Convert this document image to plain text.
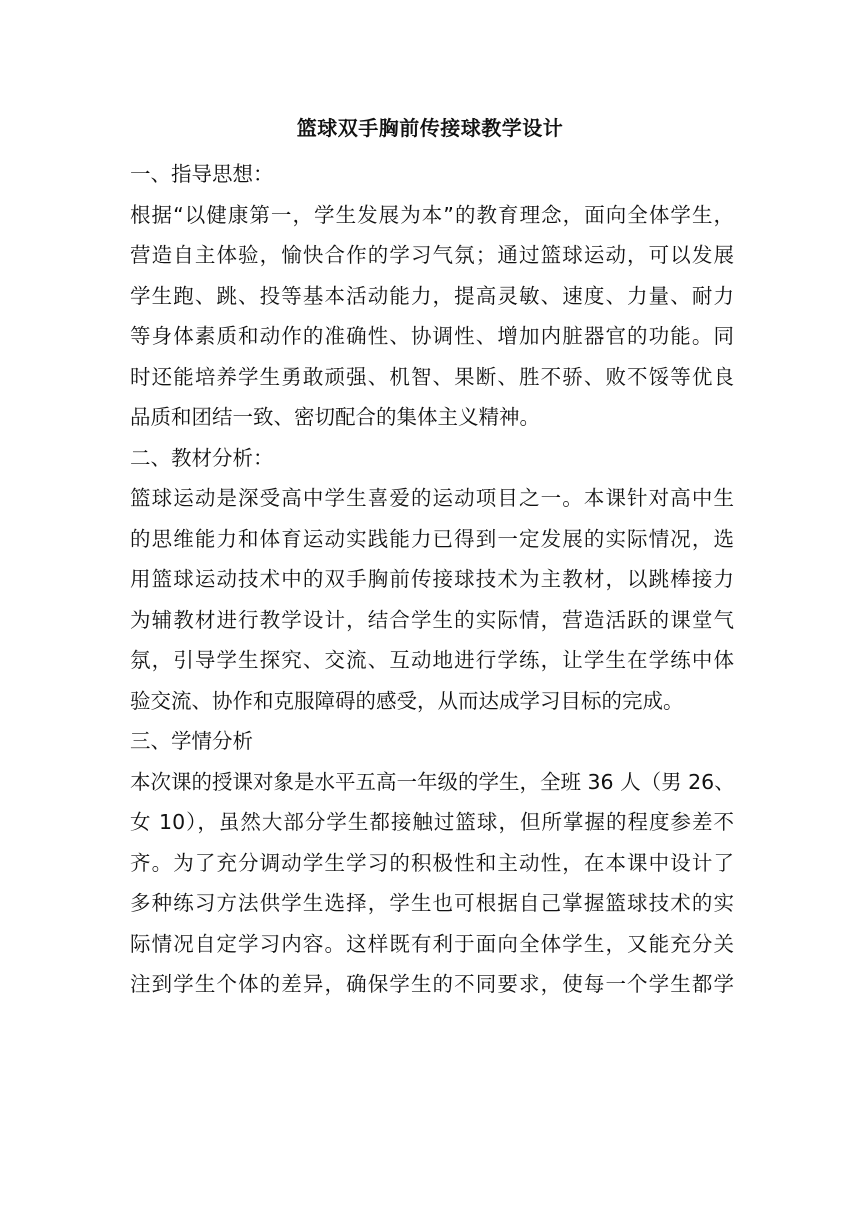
篮球双手胸前传接球教学设计
一、指导思想：
根据“以健康第一，学生发展为本”的教育理念，面向全体学生，
营造自主体验，愉快合作的学习气氛；通过篮球运动，可以发展
学生跑、跳、投等基本活动能力，提高灵敏、速度、力量、耐力
等身体素质和动作的准确性、协调性、增加内脏器官的功能。同
时还能培养学生勇敢顽强、机智、果断、胜不骄、败不馁等优良
品质和团结一致、密切配合的集体主义精神。
二、教材分析：
篮球运动是深受高中学生喜爱的运动项目之一。本课针对高中生
的思维能力和体育运动实践能力已得到一定发展的实际情况，选
用篮球运动技术中的双手胸前传接球技术为主教材，以跳棒接力
为辅教材进行教学设计，结合学生的实际情，营造活跃的课堂气
氛，引导学生探究、交流、互动地进行学练，让学生在学练中体
验交流、协作和克服障碍的感受，从而达成学习目标的完成。
三、学情分析
本次课的授课对象是水平五高一年级的学生，全班 36 人（男 26、
女 10），虽然大部分学生都接触过篮球，但所掌握的程度参差不
齐。为了充分调动学生学习的积极性和主动性，在本课中设计了
多种练习方法供学生选择，学生也可根据自己掌握篮球技术的实
际情况自定学习内容。这样既有利于面向全体学生，又能充分关
注到学生个体的差异，确保学生的不同要求，使每一个学生都学
